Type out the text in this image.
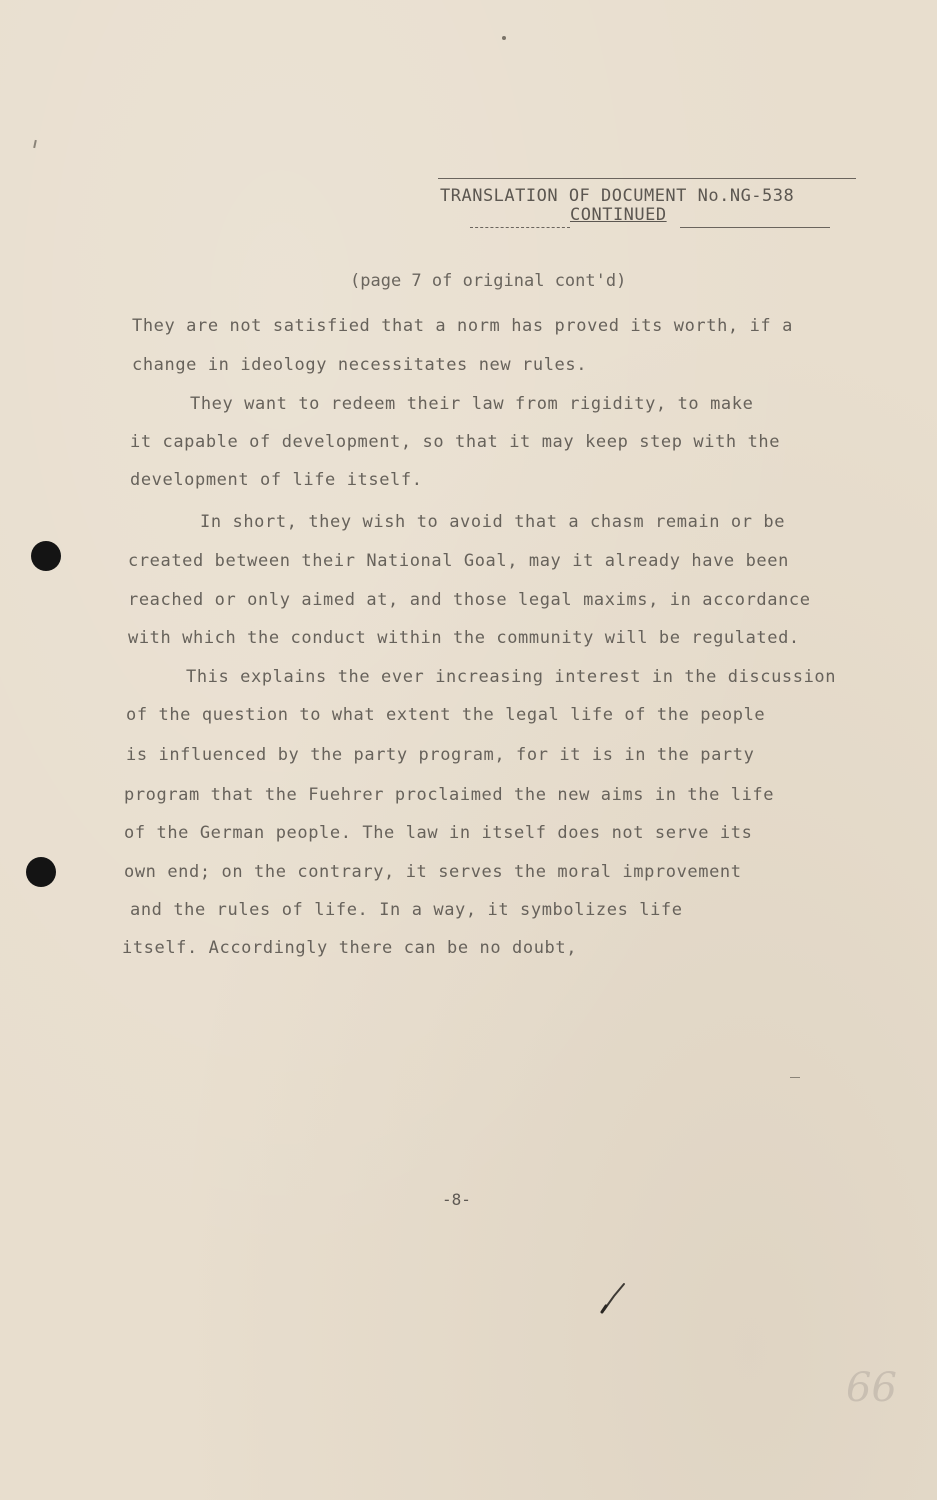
TRANSLATION OF DOCUMENT No.NG-538
CONTINUED
(page 7 of original cont'd)
They are not satisfied that a norm has proved its worth, if a
change in ideology necessitates new rules.
They want to redeem their law from rigidity, to make
it capable of development, so that it may keep step with the
development of life itself.
In short, they wish to avoid that a chasm remain or be
created between their National Goal, may it already have been
reached or only aimed at, and those legal maxims, in accordance
with which the conduct within the community will be regulated.
This explains the ever increasing interest in the discussion
of the question to what extent the legal life of the people
is influenced by the party program, for it is in the party
program that the Fuehrer proclaimed the new aims in the life
of the German people. The law in itself does not serve its
own end; on the contrary, it serves the moral improvement
and the rules of life. In a way, it symbolizes life
itself. Accordingly there can be no doubt,
-8-
66
